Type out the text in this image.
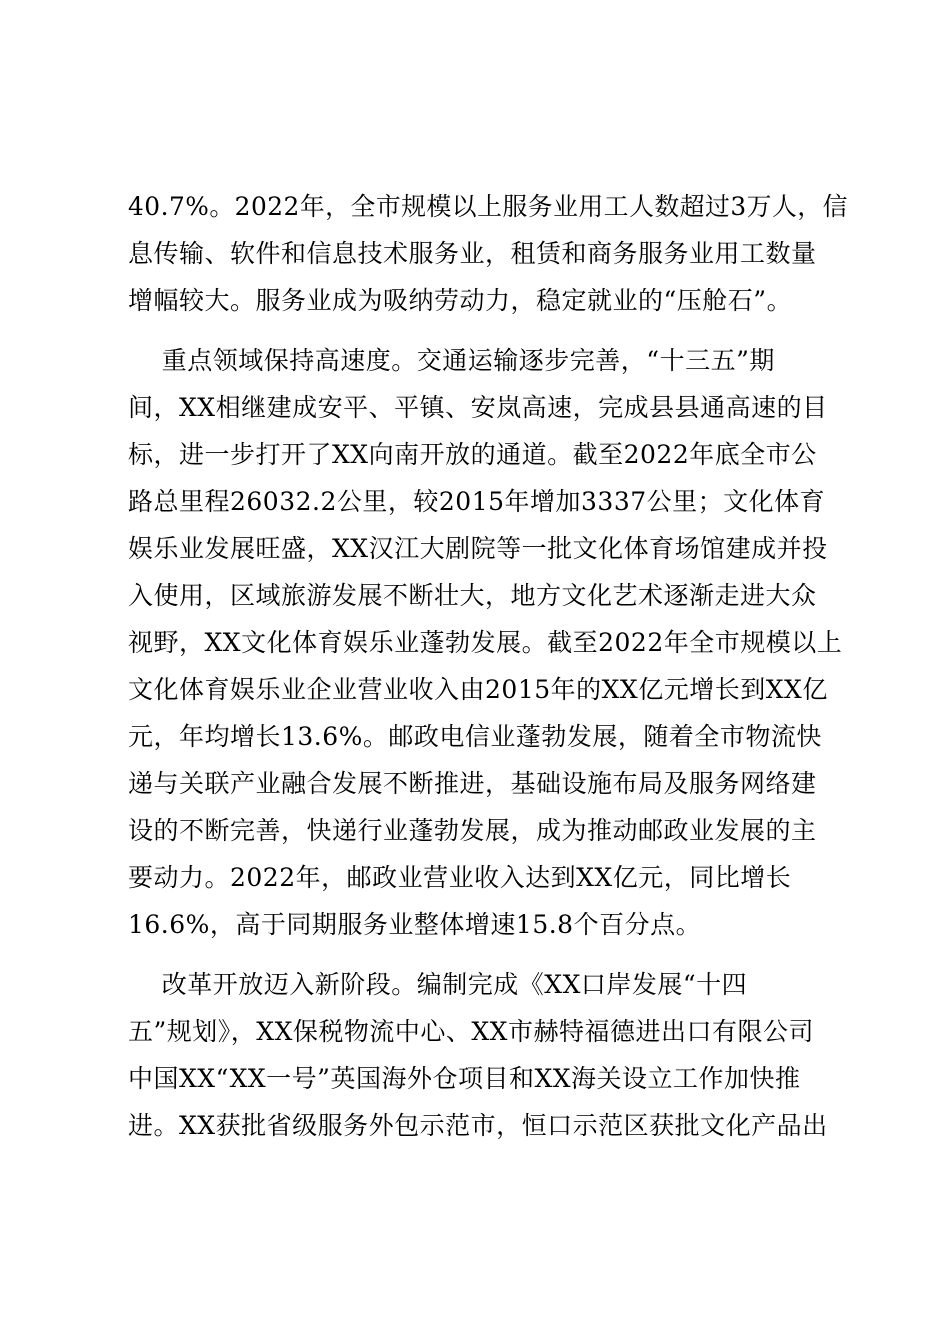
40.7%。2022年，全市规模以上服务业用工人数超过3万人，信
息传输、软件和信息技术服务业，租赁和商务服务业用工数量
增幅较大。服务业成为吸纳劳动力，稳定就业的“压舱石”。
重点领域保持高速度。交通运输逐步完善，“十三五”期
间，XX相继建成安平、平镇、安岚高速，完成县县通高速的目
标，进一步打开了XX向南开放的通道。截至2022年底全市公
路总里程26032.2公里，较2015年增加3337公里；文化体育
娱乐业发展旺盛，XX汉江大剧院等一批文化体育场馆建成并投
入使用，区域旅游发展不断壮大，地方文化艺术逐渐走进大众
视野，XX文化体育娱乐业蓬勃发展。截至2022年全市规模以上
文化体育娱乐业企业营业收入由2015年的XX亿元增长到XX亿
元，年均增长13.6%。邮政电信业蓬勃发展，随着全市物流快
递与关联产业融合发展不断推进，基础设施布局及服务网络建
设的不断完善，快递行业蓬勃发展，成为推动邮政业发展的主
要动力。2022年，邮政业营业收入达到XX亿元，同比增长
16.6%，高于同期服务业整体增速15.8个百分点。
改革开放迈入新阶段。编制完成《XX口岸发展“十四
五”规划》，XX保税物流中心、XX市赫特福德进出口有限公司
中国XX“XX一号”英国海外仓项目和XX海关设立工作加快推
进。XX获批省级服务外包示范市，恒口示范区获批文化产品出
